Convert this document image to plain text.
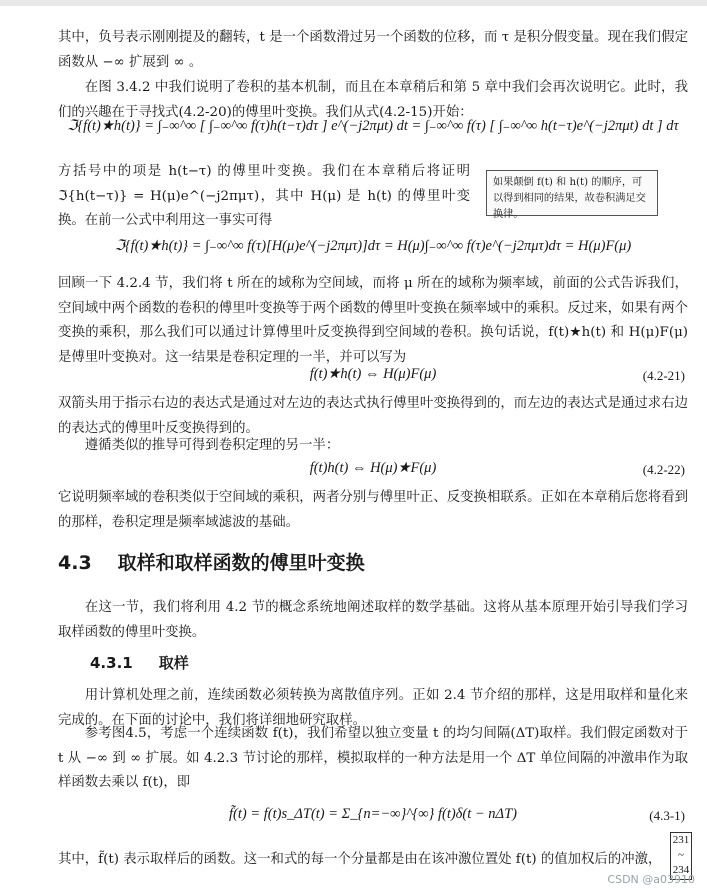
其中，负号表示刚刚提及的翻转，t 是一个函数滑过另一个函数的位移，而 τ 是积分假变量。现在我们假定函数从 −∞ 扩展到 ∞ 。
在图 3.4.2 中我们说明了卷积的基本机制，而且在本章稍后和第 5 章中我们会再次说明它。此时，我们的兴趣在于寻找式(4.2-20)的傅里叶变换。我们从式(4.2-15)开始：
ℑ{f(t)★h(t)} = ∫₋∞^∞ [ ∫₋∞^∞ f(τ)h(t−τ)dτ ] e^(−j2πμt) dt = ∫₋∞^∞ f(τ) [ ∫₋∞^∞ h(t−τ)e^(−j2πμt) dt ] dτ
方括号中的项是 h(t−τ) 的傅里叶变换。我们在本章稍后将证明 ℑ{h(t−τ)} = H(μ)e^(−j2πμτ)，其中 H(μ) 是 h(t) 的傅里叶变换。在前一公式中利用这一事实可得
如果颠倒 f(t) 和 h(t) 的顺序，可以得到相同的结果，故卷积满足交换律。
ℑ{f(t)★h(t)} = ∫₋∞^∞ f(τ)[H(μ)e^(−j2πμτ)]dτ = H(μ)∫₋∞^∞ f(τ)e^(−j2πμτ)dτ = H(μ)F(μ)
回顾一下 4.2.4 节，我们将 t 所在的域称为空间域，而将 μ 所在的域称为频率域，前面的公式告诉我们，空间域中两个函数的卷积的傅里叶变换等于两个函数的傅里叶变换在频率域中的乘积。反过来，如果有两个变换的乘积，那么我们可以通过计算傅里叶反变换得到空间域的卷积。换句话说，f(t)★h(t) 和 H(μ)F(μ) 是傅里叶变换对。这一结果是卷积定理的一半，并可以写为
f(t)★h(t) ⇔ H(μ)F(μ)	(4.2-21)
双箭头用于指示右边的表达式是通过对左边的表达式执行傅里叶变换得到的，而左边的表达式是通过求右边的表达式的傅里叶反变换得到的。
遵循类似的推导可得到卷积定理的另一半：
f(t)h(t) ⇔ H(μ)★F(μ)	(4.2-22)
它说明频率域的卷积类似于空间域的乘积，两者分别与傅里叶正、反变换相联系。正如在本章稍后您将看到的那样，卷积定理是频率域滤波的基础。
4.3 取样和取样函数的傅里叶变换
在这一节，我们将利用 4.2 节的概念系统地阐述取样的数学基础。这将从基本原理开始引导我们学习取样函数的傅里叶变换。
4.3.1 取样
用计算机处理之前，连续函数必须转换为离散值序列。正如 2.4 节介绍的那样，这是用取样和量化来完成的。在下面的讨论中，我们将详细地研究取样。
参考图4.5，考虑一个连续函数 f(t)，我们希望以独立变量 t 的均匀间隔(ΔT)取样。我们假定函数对于 t 从 −∞ 到 ∞ 扩展。如 4.2.3 节讨论的那样，模拟取样的一种方法是用一个 ΔT 单位间隔的冲激串作为取样函数去乘以 f(t)，即
f̃(t) = f(t)s_ΔT(t) = Σ_{n=−∞}^{∞} f(t)δ(t − nΔT)	(4.3-1)
其中，f̃(t) 表示取样后的函数。这一和式的每一个分量都是由在该冲激位置处 f(t) 的值加权后的冲激，
231
~
234
CSDN @a03910
